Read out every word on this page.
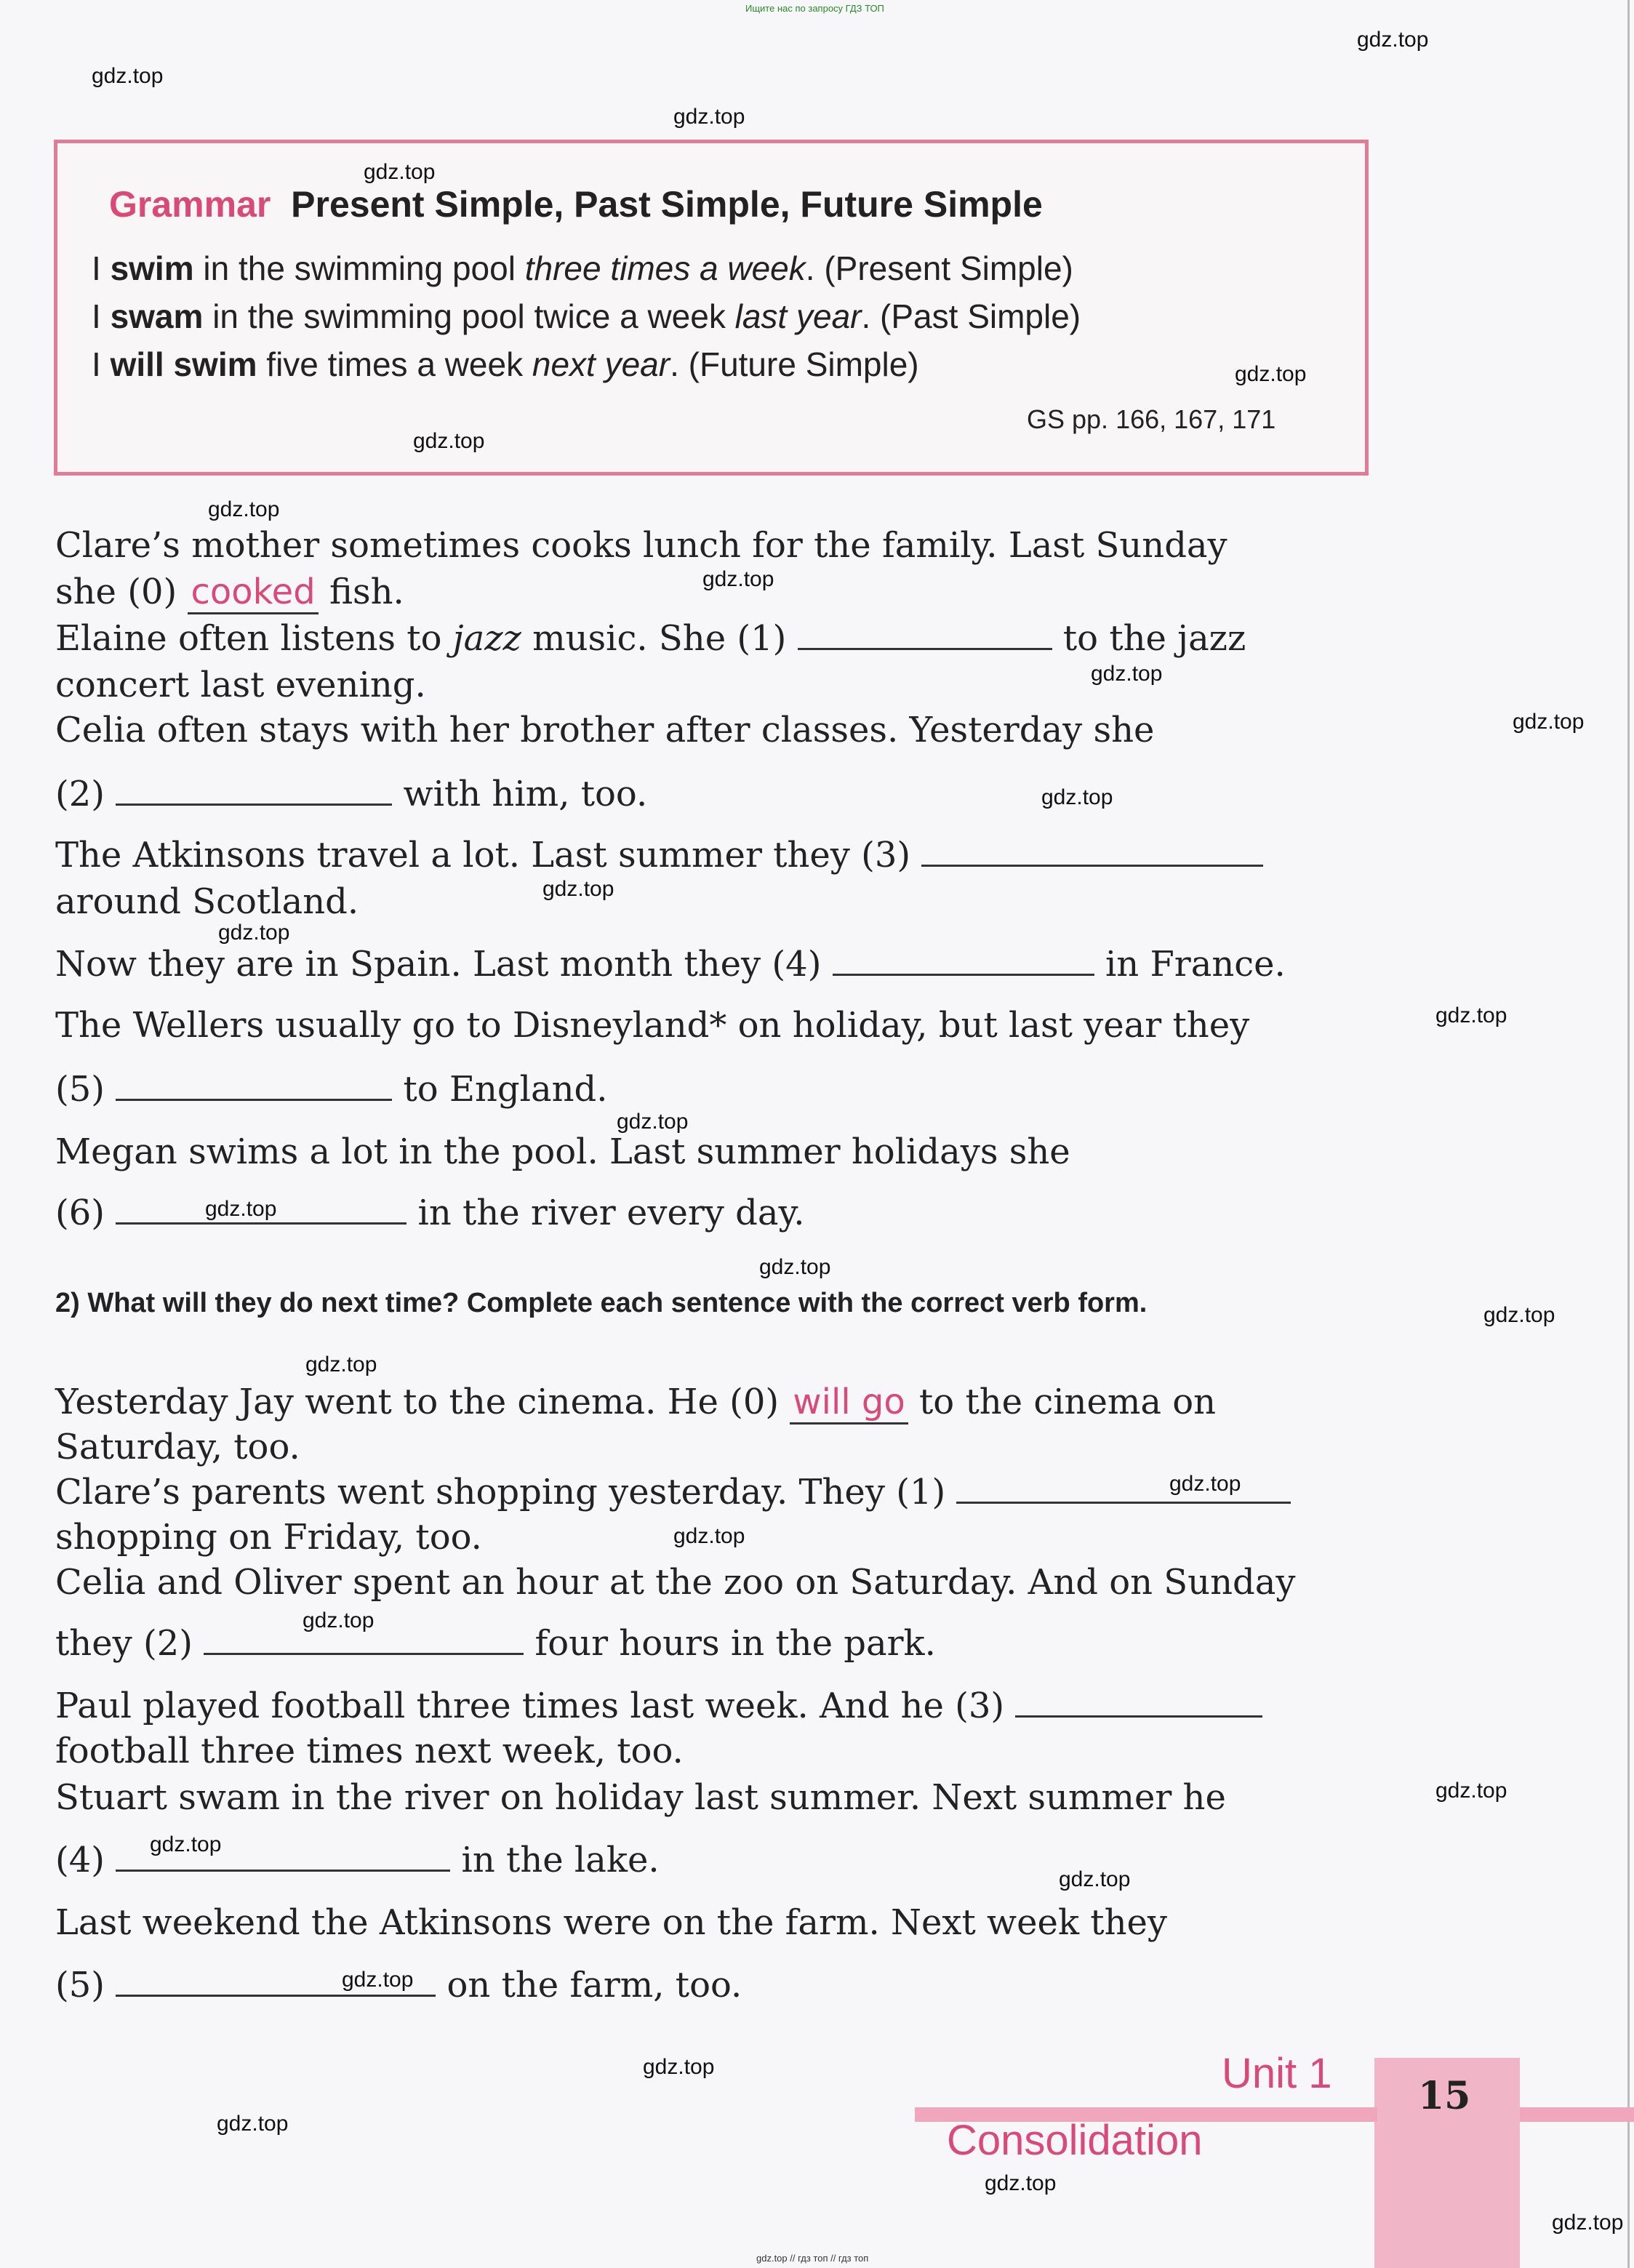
Ищите нас по запросу ГДЗ ТОП
Grammar Present Simple, Past Simple, Future Simple
I swim in the swimming pool three times a week. (Present Simple)
I swam in the swimming pool twice a week last year. (Past Simple)
I will swim five times a week next year. (Future Simple)
GS pp. 166, 167, 171
Clare’s mother sometimes cooks lunch for the family. Last Sunday
she (0) cooked fish.
Elaine often listens to jazz music. She (1)	to the jazz
concert last evening.
Celia often stays with her brother after classes. Yesterday she
(2)	with him, too.
The Atkinsons travel a lot. Last summer they (3)
around Scotland.
Now they are in Spain. Last month they (4)	in France.
The Wellers usually go to Disneyland* on holiday, but last year they
(5)	to England.
Megan swims a lot in the pool. Last summer holidays she
(6)	in the river every day.
2) What will they do next time? Complete each sentence with the correct verb form.
Yesterday Jay went to the cinema. He (0) will go to the cinema on
Saturday, too.
Clare’s parents went shopping yesterday. They (1)
shopping on Friday, too.
Celia and Oliver spent an hour at the zoo on Saturday. And on Sunday
they (2)	four hours in the park.
Paul played football three times last week. And he (3)
football three times next week, too.
Stuart swam in the river on holiday last summer. Next summer he
(4)	in the lake.
Last weekend the Atkinsons were on the farm. Next week they
(5)	on the farm, too.
Unit 1
Consolidation
15
gdz.top
gdz.top
gdz.top
gdz.top
gdz.top
gdz.top
gdz.top
gdz.top
gdz.top
gdz.top
gdz.top
gdz.top
gdz.top
gdz.top
gdz.top
gdz.top
gdz.top
gdz.top
gdz.top
gdz.top
gdz.top
gdz.top
gdz.top
gdz.top
gdz.top
gdz.top
gdz.top
gdz.top
gdz.top
gdz.top
gdz.top // гдз топ // гдз топ
